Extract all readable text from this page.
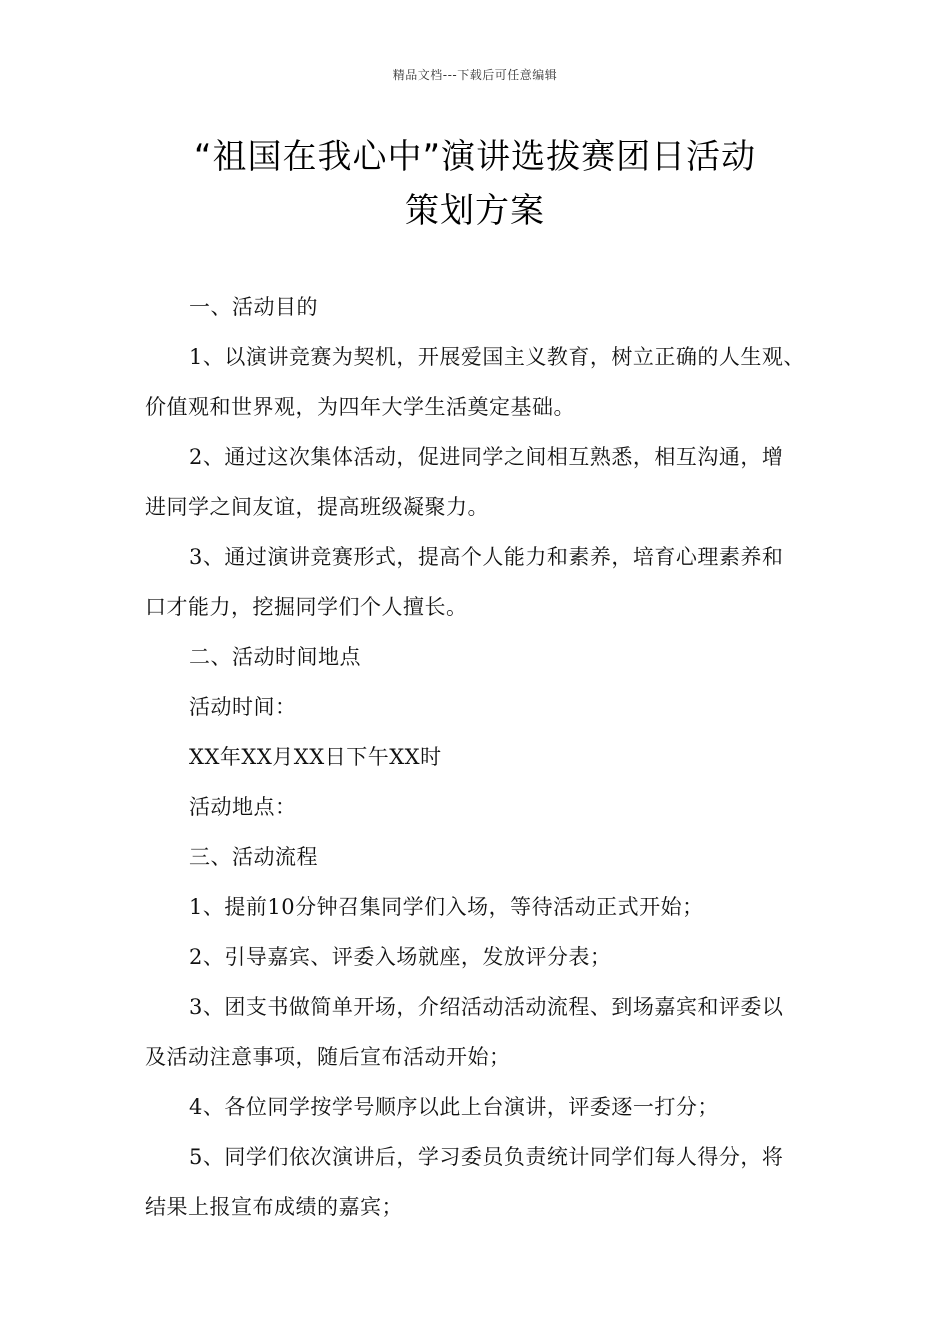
精品文档---下载后可任意编辑
“祖国在我心中”演讲选拔赛团日活动
策划方案

一、活动目的

1、以演讲竞赛为契机，开展爱国主义教育，树立正确的人生观、

价值观和世界观，为四年大学生活奠定基础。

2、通过这次集体活动，促进同学之间相互熟悉，相互沟通，增

进同学之间友谊，提高班级凝聚力。

3、通过演讲竞赛形式，提高个人能力和素养，培育心理素养和

口才能力，挖掘同学们个人擅长。

二、活动时间地点

活动时间：

XX年XX月XX日下午XX时

活动地点：

三、活动流程

1、提前10分钟召集同学们入场，等待活动正式开始；

2、引导嘉宾、评委入场就座，发放评分表；

3、团支书做简单开场，介绍活动活动流程、到场嘉宾和评委以

及活动注意事项，随后宣布活动开始；

4、各位同学按学号顺序以此上台演讲，评委逐一打分；

5、同学们依次演讲后，学习委员负责统计同学们每人得分，将

结果上报宣布成绩的嘉宾；
